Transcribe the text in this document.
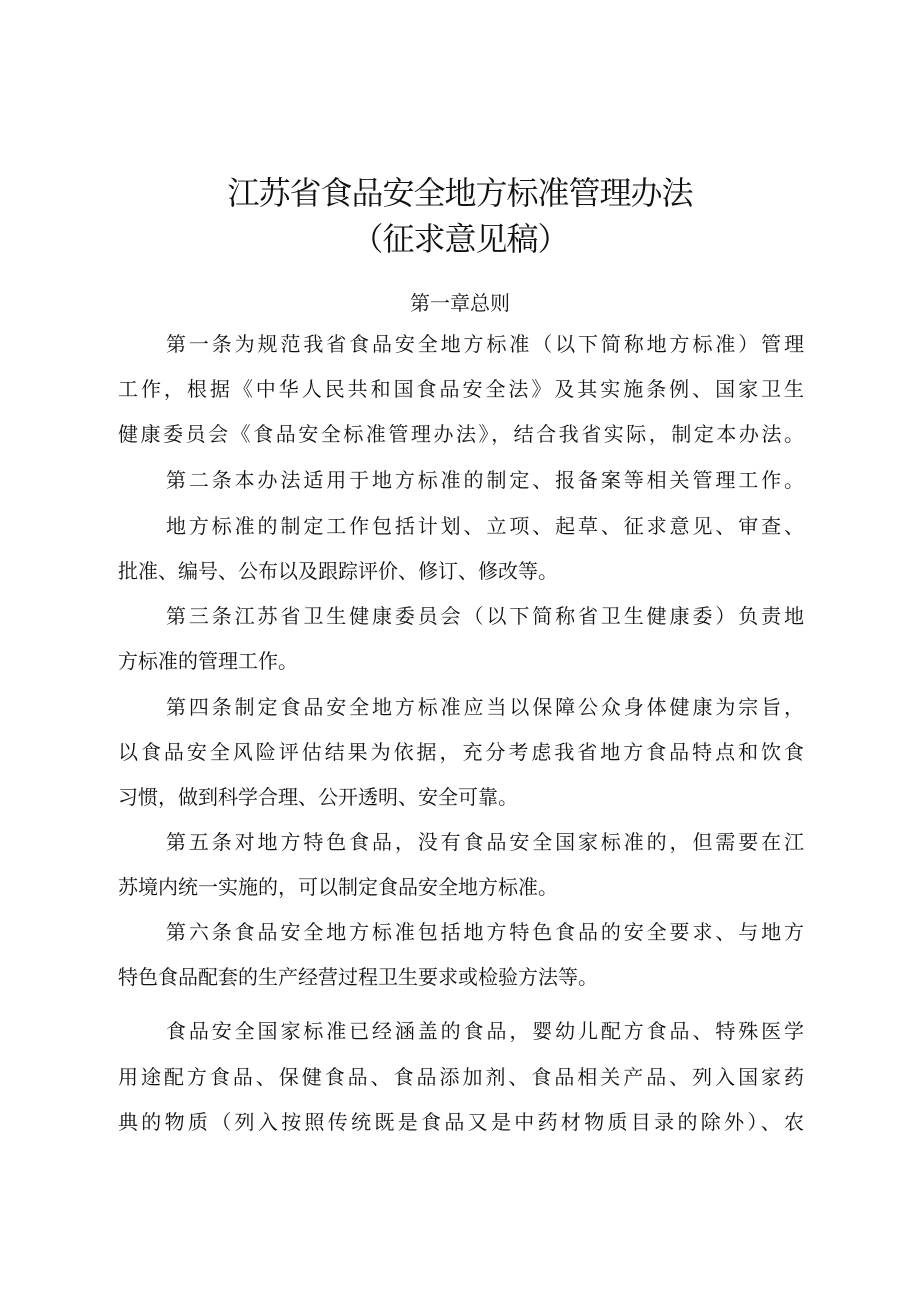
江苏省食品安全地方标准管理办法
（征求意见稿）
第一章总则
第一条为规范我省食品安全地方标准（以下简称地方标准）管理
工作，根据《中华人民共和国食品安全法》及其实施条例、国家卫生
健康委员会《食品安全标准管理办法》，结合我省实际，制定本办法。
第二条本办法适用于地方标准的制定、报备案等相关管理工作。
地方标准的制定工作包括计划、立项、起草、征求意见、审查、
批准、编号、公布以及跟踪评价、修订、修改等。
第三条江苏省卫生健康委员会（以下简称省卫生健康委）负责地
方标准的管理工作。
第四条制定食品安全地方标准应当以保障公众身体健康为宗旨，
以食品安全风险评估结果为依据，充分考虑我省地方食品特点和饮食
习惯，做到科学合理、公开透明、安全可靠。
第五条对地方特色食品，没有食品安全国家标准的，但需要在江
苏境内统一实施的，可以制定食品安全地方标准。
第六条食品安全地方标准包括地方特色食品的安全要求、与地方
特色食品配套的生产经营过程卫生要求或检验方法等。
食品安全国家标准已经涵盖的食品，婴幼儿配方食品、特殊医学
用途配方食品、保健食品、食品添加剂、食品相关产品、列入国家药
典的物质（列入按照传统既是食品又是中药材物质目录的除外）、农
